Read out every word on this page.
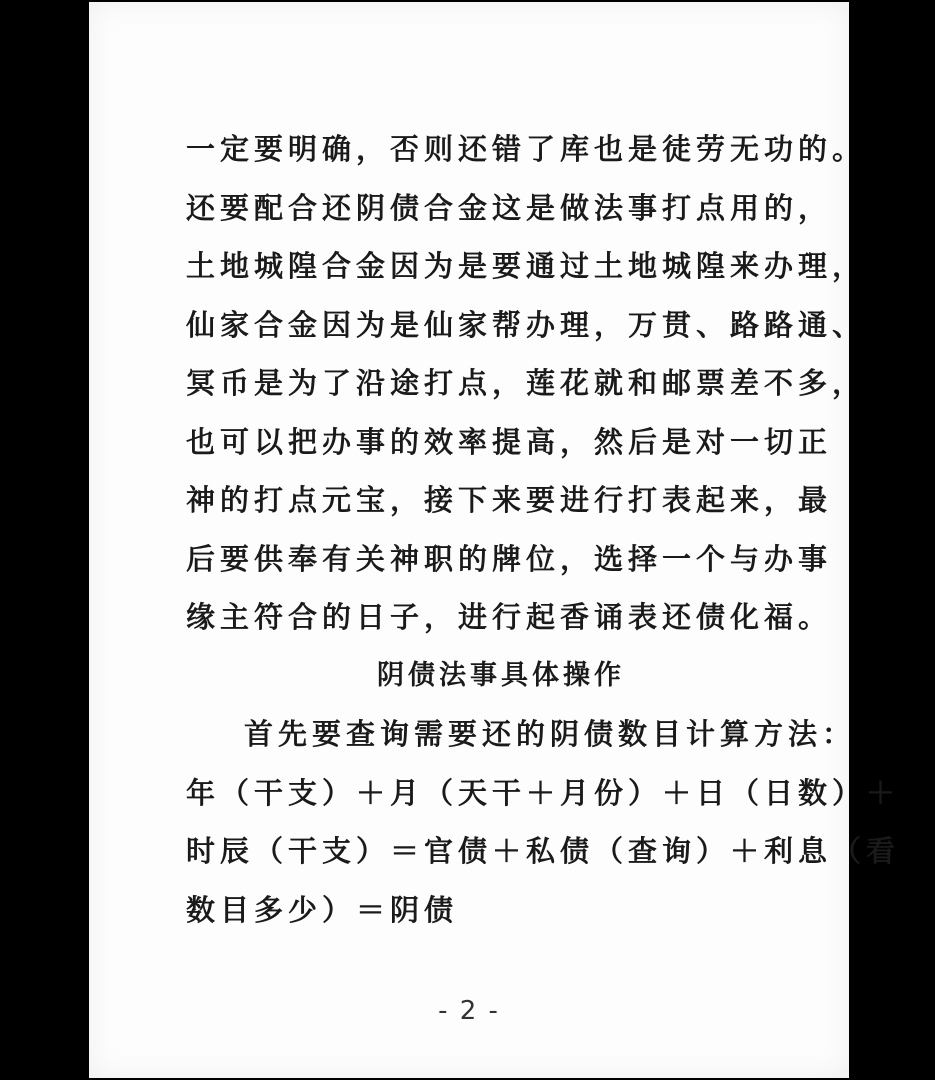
一定要明确，否则还错了库也是徒劳无功的。
还要配合还阴债合金这是做法事打点用的，
土地城隍合金因为是要通过土地城隍来办理，
仙家合金因为是仙家帮办理，万贯、路路通、
冥币是为了沿途打点，莲花就和邮票差不多，
也可以把办事的效率提高，然后是对一切正
神的打点元宝，接下来要进行打表起来，最
后要供奉有关神职的牌位，选择一个与办事
缘主符合的日子，进行起香诵表还债化福。
阴债法事具体操作
首先要查询需要还的阴债数目计算方法：
年（干支）＋月（天干＋月份）＋日（日数）＋
时辰（干支）＝官债＋私债（查询）＋利息（看
数目多少）＝阴债
- 2 -
